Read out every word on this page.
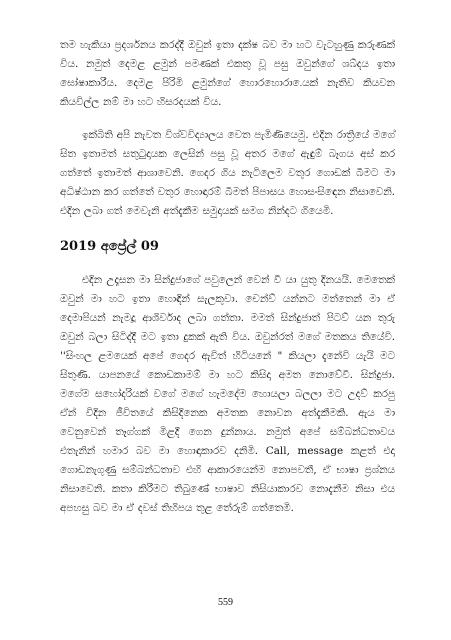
තම හැකියා ප්‍රදර්ශනය කරද්දී ඔවුන් ඉතා දක්ෂ බව මා හට වැටහුණු කරුණක් විය. නමුත් දෙමළ ළමුන් පමණක් එකතු වූ පසු ඔවුන්ගේ ශබ්දය ඉතා ඝෝෂාකාරීය. දෙමළ පිරිමි ළමුන්ගේ හොරහොරා.ෙයක් නැතිව කියවන කියවිල්ල නම් මා හට හිසරදයක් විය.

ඉක්බිති අපි නැවත විශ්වවිද්‍යාලය වෙත පැමිණියෙමු. එදින රාත්‍රියේ මගේ සිත ඉතාමත් සතුටුදායක ලෙසින් පසු වූ අතර මගේ ඇඳුම් බෑගය අස් කර ගත්තේ ඉතාමත් ආශාවෙනි. ගෙදර ගිය නැටිලෙම වතුර ගොඩක් බීමට මා අධිෂ්ඨාන කර ගත්තේ වතුර හොඳාරම් බීමත් පිපාසය හොසංසිඳෙන නිසාවෙනි. එදින ලබා ගත් මෙවැනි අත්දැකීම සමුදායක් සමග නින්දට ගියෙමි.

2019 අප්‍රේල් 09

එදින උදෑසන මා සින්දුජාගේ පවුලෙන් වෙන් වී යා යුතු දිනයයි. මෙතෙක් ඔවුන් මා හට ඉතා හොඳින් සැලකුවා. චෙන්ව් යන්නට මත්තෙන් මා ඒ දෙමාපියන් නැමදූ ආශිර්වාද ලබා ගත්තා. මමත් සින්දුජාත් පිටව් යන තුරු ඔවුන් බලා සිටිද්දී මට ඉතා දුකක් ඇති විය. ඔවුන්රත් මගේ මතකය තියේවි. ''සිංහල ළමයෙක් අපේ ගෙදර ඇවිත් හිටියනේ " කියලා දැනේවි යැයි මට සිතුණි. යාපනයේ කොඩකාමම් මා හට කිසිදා අමත නොවේවී. සින්දුජා. මගේම සහෝදරියක් වගේ මගේ හැමදේම හොයලා බලලා මට උදව් කරපු ඒන් විදින ජීවිතයේ කිසිදිනෙක අමතක නොවන අත්දැකීමකි. ඇය මා වෙනුවෙන් තෑග්ගක් මිළදී ගෙන දුන්නාය. නමුත් අපේ සම්බන්ධතාවය එතැනින් හමාර බව මා හොඳාකාරව දනිමි. Call, message කළත් එදා ගොඩනැගුණු සම්බන්ධතාව එහි ආකාරයෙන්ම නොපවතී, ඒ භාෂා ප්‍රශ්නය නිසාවෙනි. කතා කිරීමට තිබුණේ භාෂාව නිසියාකාරව නොදැනීම නිසා එය අපහසු බව මා ඒ දවස් තිහිපය තුළ තේරුම් ගත්තෙමි.

559
